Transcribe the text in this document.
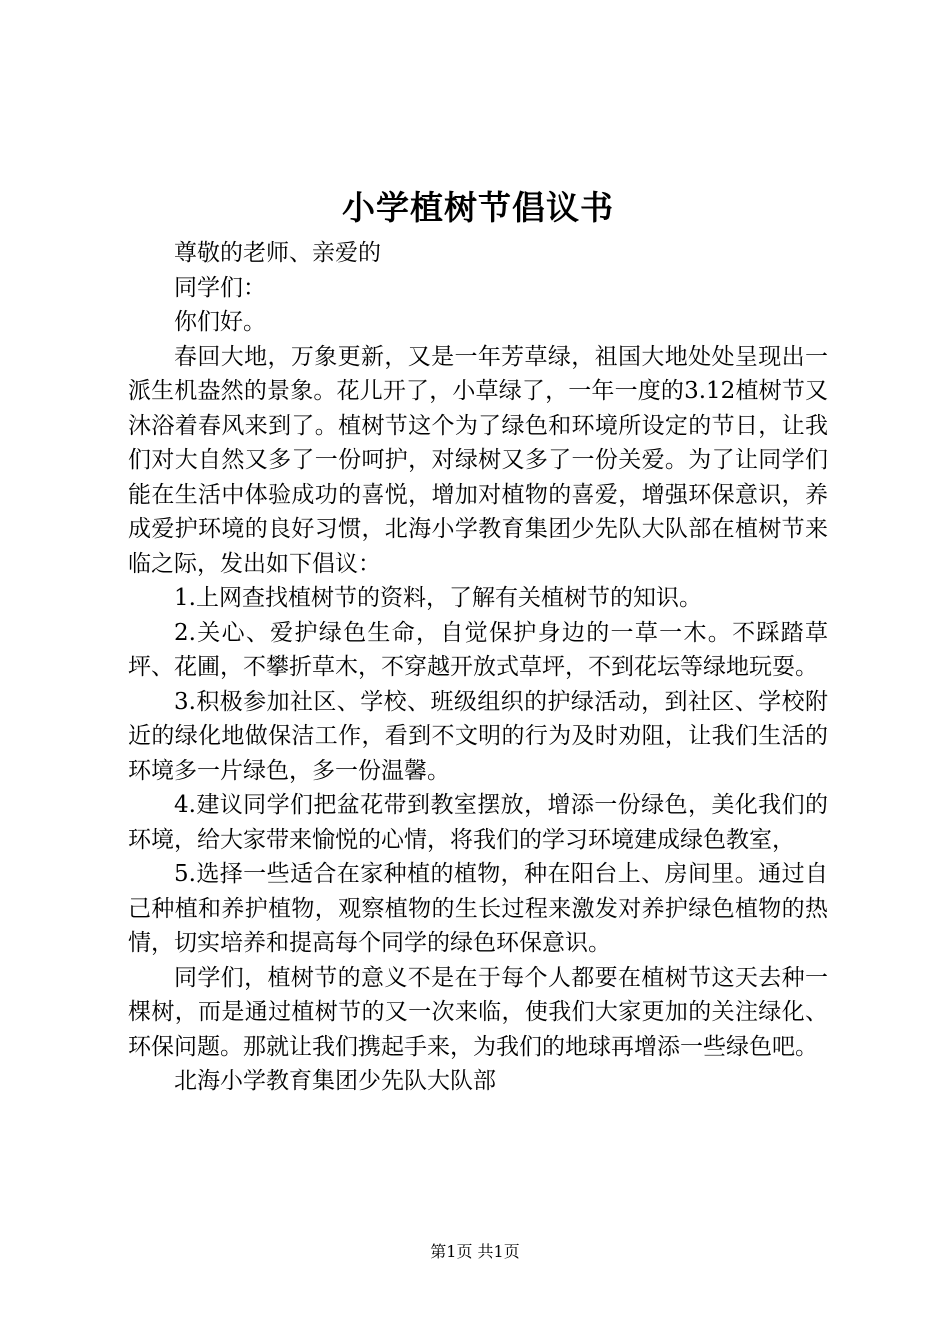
小学植树节倡议书

尊敬的老师、亲爱的

同学们：

你们好。

春回大地，万象更新，又是一年芳草绿，祖国大地处处呈现出一派生机盎然的景象。花儿开了，小草绿了，一年一度的3.12植树节又沐浴着春风来到了。植树节这个为了绿色和环境所设定的节日，让我们对大自然又多了一份呵护，对绿树又多了一份关爱。为了让同学们能在生活中体验成功的喜悦，增加对植物的喜爱，增强环保意识，养成爱护环境的良好习惯，北海小学教育集团少先队大队部在植树节来临之际，发出如下倡议：

1.上网查找植树节的资料，了解有关植树节的知识。

2.关心、爱护绿色生命，自觉保护身边的一草一木。不踩踏草坪、花圃，不攀折草木，不穿越开放式草坪，不到花坛等绿地玩耍。

3.积极参加社区、学校、班级组织的护绿活动，到社区、学校附近的绿化地做保洁工作，看到不文明的行为及时劝阻，让我们生活的环境多一片绿色，多一份温馨。

4.建议同学们把盆花带到教室摆放，增添一份绿色，美化我们的环境，给大家带来愉悦的心情，将我们的学习环境建成绿色教室，

5.选择一些适合在家种植的植物，种在阳台上、房间里。通过自己种植和养护植物，观察植物的生长过程来激发对养护绿色植物的热情，切实培养和提高每个同学的绿色环保意识。

同学们，植树节的意义不是在于每个人都要在植树节这天去种一棵树，而是通过植树节的又一次来临，使我们大家更加的关注绿化、环保问题。那就让我们携起手来，为我们的地球再增添一些绿色吧。

北海小学教育集团少先队大队部

第1页 共1页
